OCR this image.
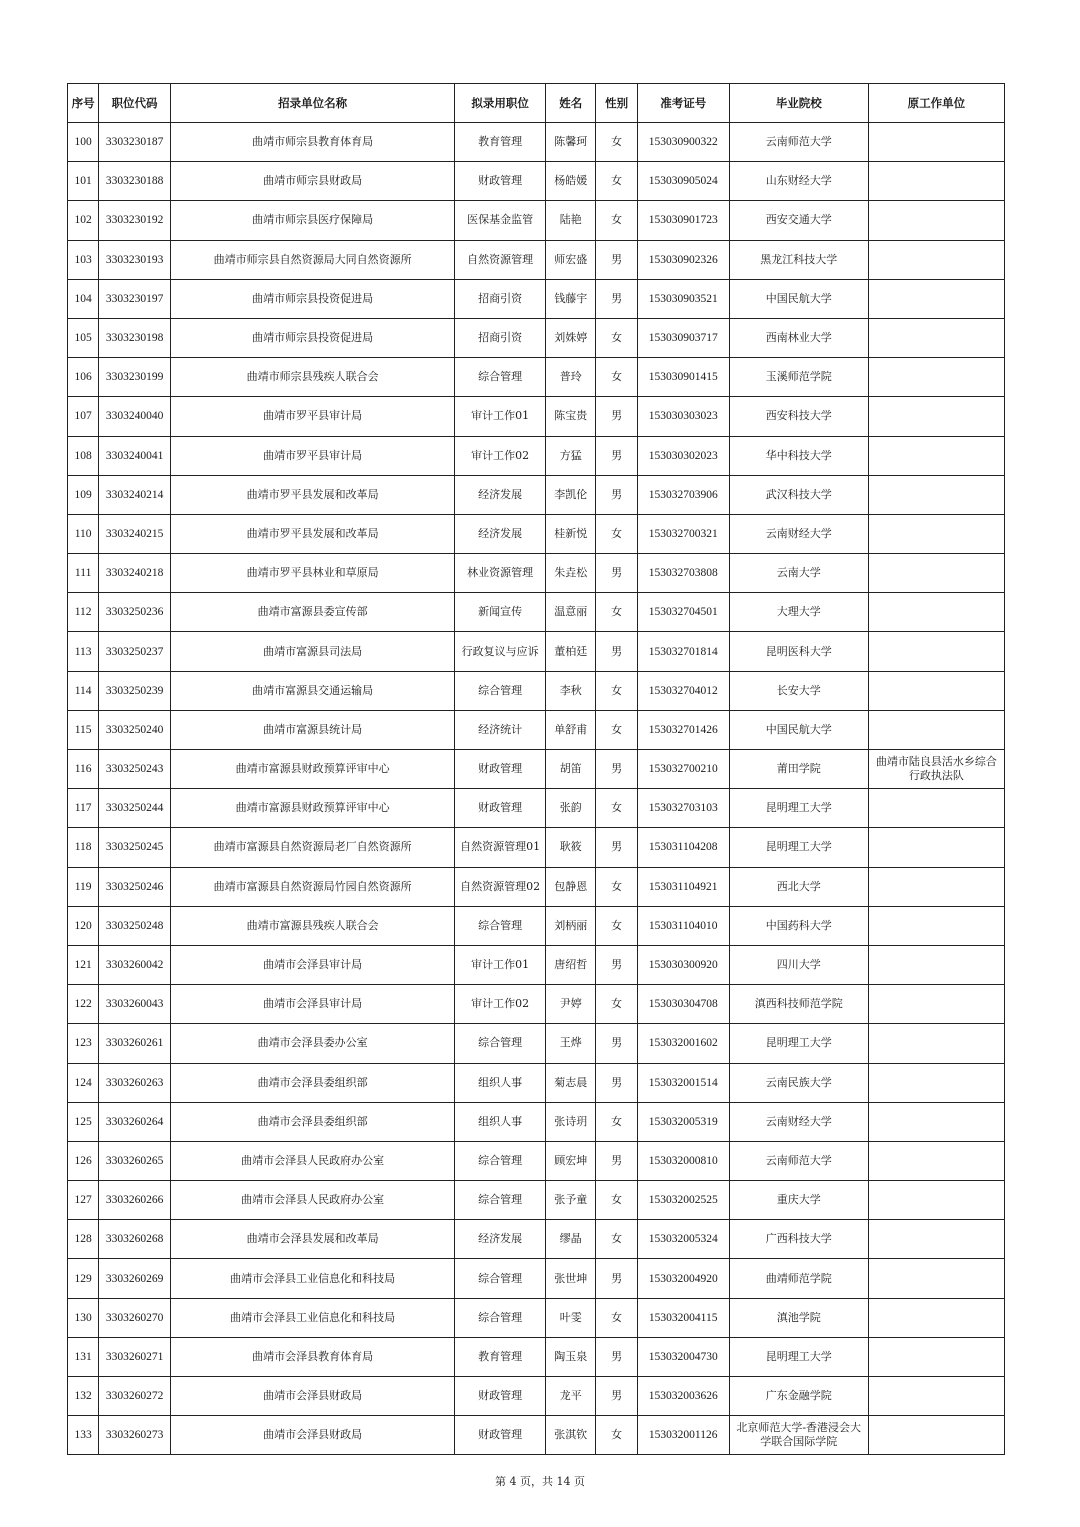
序号	职位代码	招录单位名称	拟录用职位	姓名	性别	准考证号	毕业院校	原工作单位
100	3303230187	曲靖市师宗县教育体育局	教育管理	陈馨珂	女	153030900322	云南师范大学	
101	3303230188	曲靖市师宗县财政局	财政管理	杨皓媛	女	153030905024	山东财经大学	
102	3303230192	曲靖市师宗县医疗保障局	医保基金监管	陆艳	女	153030901723	西安交通大学	
103	3303230193	曲靖市师宗县自然资源局大同自然资源所	自然资源管理	师宏盛	男	153030902326	黑龙江科技大学	
104	3303230197	曲靖市师宗县投资促进局	招商引资	钱藤宇	男	153030903521	中国民航大学	
105	3303230198	曲靖市师宗县投资促进局	招商引资	刘姝婷	女	153030903717	西南林业大学	
106	3303230199	曲靖市师宗县残疾人联合会	综合管理	普玲	女	153030901415	玉溪师范学院	
107	3303240040	曲靖市罗平县审计局	审计工作01	陈宝贵	男	153030303023	西安科技大学	
108	3303240041	曲靖市罗平县审计局	审计工作02	方猛	男	153030302023	华中科技大学	
109	3303240214	曲靖市罗平县发展和改革局	经济发展	李凯伦	男	153032703906	武汉科技大学	
110	3303240215	曲靖市罗平县发展和改革局	经济发展	桂新悦	女	153032700321	云南财经大学	
111	3303240218	曲靖市罗平县林业和草原局	林业资源管理	朱垚松	男	153032703808	云南大学	
112	3303250236	曲靖市富源县委宣传部	新闻宣传	温意丽	女	153032704501	大理大学	
113	3303250237	曲靖市富源县司法局	行政复议与应诉	董柏廷	男	153032701814	昆明医科大学	
114	3303250239	曲靖市富源县交通运输局	综合管理	李秋	女	153032704012	长安大学	
115	3303250240	曲靖市富源县统计局	经济统计	单舒甫	女	153032701426	中国民航大学	
116	3303250243	曲靖市富源县财政预算评审中心	财政管理	胡笛	男	153032700210	莆田学院	曲靖市陆良县活水乡综合行政执法队
117	3303250244	曲靖市富源县财政预算评审中心	财政管理	张韵	女	153032703103	昆明理工大学	
118	3303250245	曲靖市富源县自然资源局老厂自然资源所	自然资源管理01	耿筱	男	153031104208	昆明理工大学	
119	3303250246	曲靖市富源县自然资源局竹园自然资源所	自然资源管理02	包静恩	女	153031104921	西北大学	
120	3303250248	曲靖市富源县残疾人联合会	综合管理	刘柄丽	女	153031104010	中国药科大学	
121	3303260042	曲靖市会泽县审计局	审计工作01	唐绍哲	男	153030300920	四川大学	
122	3303260043	曲靖市会泽县审计局	审计工作02	尹婷	女	153030304708	滇西科技师范学院	
123	3303260261	曲靖市会泽县委办公室	综合管理	王烨	男	153032001602	昆明理工大学	
124	3303260263	曲靖市会泽县委组织部	组织人事	菊志晨	男	153032001514	云南民族大学	
125	3303260264	曲靖市会泽县委组织部	组织人事	张诗玥	女	153032005319	云南财经大学	
126	3303260265	曲靖市会泽县人民政府办公室	综合管理	顾宏坤	男	153032000810	云南师范大学	
127	3303260266	曲靖市会泽县人民政府办公室	综合管理	张予童	女	153032002525	重庆大学	
128	3303260268	曲靖市会泽县发展和改革局	经济发展	缪晶	女	153032005324	广西科技大学	
129	3303260269	曲靖市会泽县工业信息化和科技局	综合管理	张世坤	男	153032004920	曲靖师范学院	
130	3303260270	曲靖市会泽县工业信息化和科技局	综合管理	叶雯	女	153032004115	滇池学院	
131	3303260271	曲靖市会泽县教育体育局	教育管理	陶玉泉	男	153032004730	昆明理工大学	
132	3303260272	曲靖市会泽县财政局	财政管理	龙平	男	153032003626	广东金融学院	
133	3303260273	曲靖市会泽县财政局	财政管理	张淇钦	女	153032001126	北京师范大学-香港浸会大学联合国际学院	
第 4 页，共 14 页
